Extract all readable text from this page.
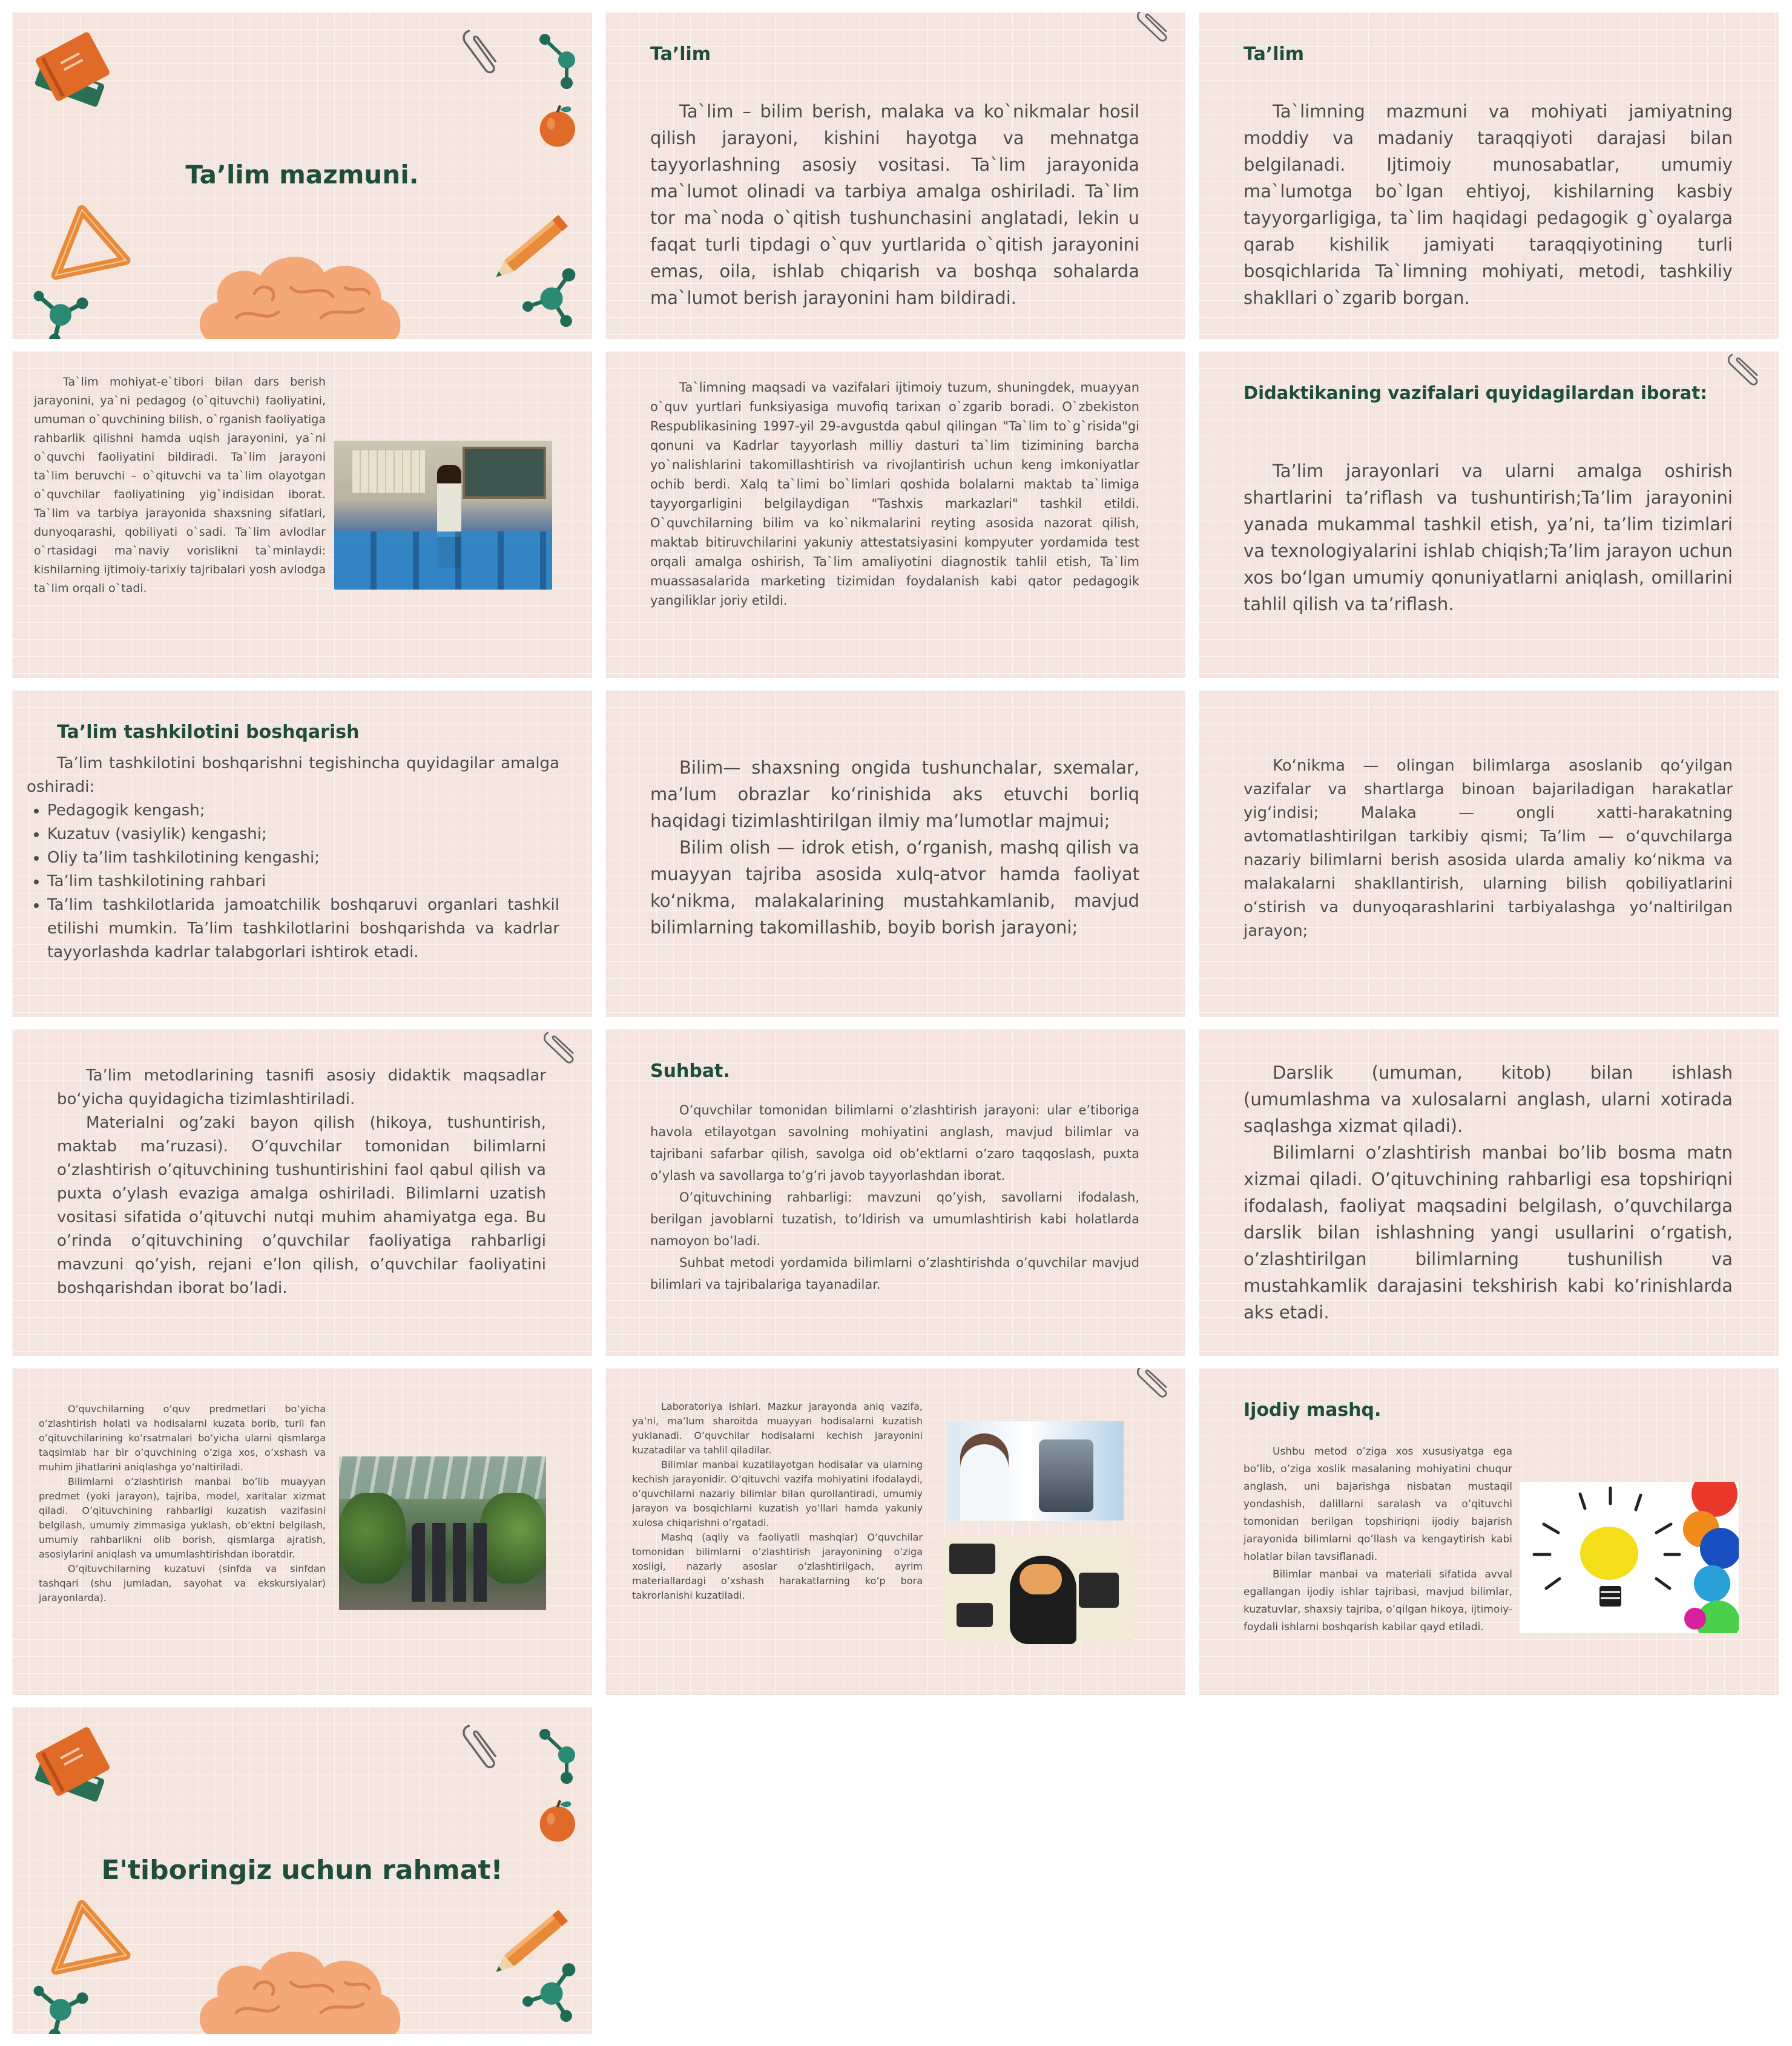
Ta’lim mazmuni.
Ta’lim

Ta`lim – bilim berish, malaka va ko`nikmalar hosil qilish jarayoni, kishini hayotga va mehnatga tayyorlashning asosiy vositasi. Ta`lim jarayonida ma`lumot olinadi va tarbiya amalga oshiriladi. Ta`lim tor ma`noda o`qitish tushunchasini anglatadi, lekin u faqat turli tipdagi o`quv yurtlarida o`qitish jarayonini emas, oila, ishlab chiqarish va boshqa sohalarda ma`lumot berish jarayonini ham bildiradi.

Ta’lim

Ta`limning mazmuni va mohiyati jamiyatning moddiy va madaniy taraqqiyoti darajasi bilan belgilanadi. Ijtimoiy munosabatlar, umumiy ma`lumotga bo`lgan ehtiyoj, kishilarning kasbiy tayyorgarligiga, ta`lim haqidagi pedagogik g`oyalarga qarab kishilik jamiyati taraqqiyotining turli bosqichlarida Ta`limning mohiyati, metodi, tashkiliy shakllari o`zgarib borgan.

Ta`lim mohiyat-e`tibori bilan dars berish jarayonini, ya`ni pedagog (o`qituvchi) faoliyatini, umuman o`quvchining bilish, o`rganish faoliyatiga rahbarlik qilishni hamda uqish jarayonini, ya`ni o`quvchi faoliyatini bildiradi. Ta`lim jarayoni ta`lim beruvchi – o`qituvchi va ta`lim olayotgan o`quvchilar faoliyatining yig`indisidan iborat. Ta`lim va tarbiya jarayonida shaxsning sifatlari, dunyoqarashi, qobiliyati o`sadi. Ta`lim avlodlar o`rtasidagi ma`naviy vorislikni ta`minlaydi: kishilarning ijtimoiy-tarixiy tajribalari yosh avlodga ta`lim orqali o`tadi.

Ta`limning maqsadi va vazifalari ijtimoiy tuzum, shuningdek, muayyan o`quv yurtlari funksiyasiga muvofiq tarixan o`zgarib boradi. O`zbekiston Respublikasining 1997-yil 29-avgustda qabul qilingan "Ta`lim to`g`risida"gi qonuni va Kadrlar tayyorlash milliy dasturi ta`lim tizimining barcha yo`nalishlarini takomillashtirish va rivojlantirish uchun keng imkoniyatlar ochib berdi. Xalq ta`limi bo`limlari qoshida bolalarni maktab ta`limiga tayyorgarligini belgilaydigan "Tashxis markazlari" tashkil etildi. O`quvchilarning bilim va ko`nikmalarini reyting asosida nazorat qilish, maktab bitiruvchilarini yakuniy attestatsiyasini kompyuter yordamida test orqali amalga oshirish, Ta`lim amaliyotini diagnostik tahlil etish, Ta`lim muassasalarida marketing tizimidan foydalanish kabi qator pedagogik yangiliklar joriy etildi.

Didaktikaning vazifalari quyidagilardan iborat:

Ta’lim jarayonlari va ularni amalga oshirish shartlarini ta’riflash va tushuntirish;Ta’lim jarayonini yanada mukammal tashkil etish, ya’ni, ta’lim tizimlari va texnologiyalarini ishlab chiqish;Ta’lim jarayon uchun xos bo‘lgan umumiy qonuniyatlarni aniqlash, omillarini tahlil qilish va ta’riflash.

Ta’lim tashkilotini boshqarish

Ta’lim tashkilotini boshqarishni tegishincha quyidagilar amalga oshiradi:

• Pedagogik kengash;
• Kuzatuv (vasiylik) kengashi;
• Oliy ta’lim tashkilotining kengashi;
• Ta’lim tashkilotining rahbari
• Ta’lim tashkilotlarida jamoatchilik boshqaruvi organlari tashkil etilishi mumkin. Ta’lim tashkilotlarini boshqarishda va kadrlar tayyorlashda kadrlar talabgorlari ishtirok etadi.

Bilim— shaxsning ongida tushunchalar, sxemalar, ma’lum obrazlar ko‘rinishida aks etuvchi borliq haqidagi tizimlashtirilgan ilmiy ma’lumotlar majmui;

Bilim olish — idrok etish, o‘rganish, mashq qilish va muayyan tajriba asosida xulq-atvor hamda faoliyat ko‘nikma, malakalarining mustahkamlanib, mavjud bilimlarning takomillashib, boyib borish jarayoni;

Ko‘nikma — olingan bilimlarga asoslanib qo‘yilgan vazifalar va shartlarga binoan bajariladigan harakatlar yig‘indisi; Malaka — ongli xatti-harakatning avtomatlashtirilgan tarkibiy qismi; Ta’lim — o‘quvchilarga nazariy bilimlarni berish asosida ularda amaliy ko‘nikma va malakalarni shakllantirish, ularning bilish qobiliyatlarini o‘stirish va dunyoqarashlarini tarbiyalashga yo‘naltirilgan jarayon;

Ta’lim metodlarining tasnifi asosiy didaktik maqsadlar bo‘yicha quyidagicha tizimlashtiriladi.

Materialni og’zaki bayon qilish (hikoya, tushuntirish, maktab ma’ruzasi). O’quvchilar tomonidan bilimlarni o’zlashtirish o’qituvchining tushuntirishini faol qabul qilish va puxta o’ylash evaziga amalga oshiriladi. Bilimlarni uzatish vositasi sifatida o’qituvchi nutqi muhim ahamiyatga ega. Bu o’rinda o’qituvchining o’quvchilar faoliyatiga rahbarligi mavzuni qo’yish, rejani e’lon qilish, o’quvchilar faoliyatini boshqarishdan iborat bo’ladi.

Suhbat.

O’quvchilar tomonidan bilimlarni o’zlashtirish jarayoni: ular e’tiboriga havola etilayotgan savolning mohiyatini anglash, mavjud bilimlar va tajribani safarbar qilish, savolga oid ob’ektlarni o’zaro taqqoslash, puxta o’ylash va savollarga to’g’ri javob tayyorlashdan iborat.

O’qituvchining rahbarligi: mavzuni qo’yish, savollarni ifodalash, berilgan javoblarni tuzatish, to’ldirish va umumlashtirish kabi holatlarda namoyon bo’ladi.

Suhbat metodi yordamida bilimlarni o’zlashtirishda o’quvchilar mavjud bilimlari va tajribalariga tayanadilar.

Darslik (umuman, kitob) bilan ishlash (umumlashma va xulosalarni anglash, ularni xotirada saqlashga xizmat qiladi).

Bilimlarni o’zlashtirish manbai bo’lib bosma matn xizmai qiladi. O’qituvchining rahbarligi esa topshiriqni ifodalash, faoliyat maqsadini belgilash, o’quvchilarga darslik bilan ishlashning yangi usullarini o’rgatish, o’zlashtirilgan bilimlarning tushunilish va mustahkamlik darajasini tekshirish kabi ko’rinishlarda aks etadi.

O’quvchilarning o’quv predmetlari bo’yicha o’zlashtirish holati va hodisalarni kuzata borib, turli fan o’qituvchilarining ko’rsatmalari bo’yicha ularni qismlarga taqsimlab har bir o’quvchining o’ziga xos, o’xshash va muhim jihatlarini aniqlashga yo’naltiriladi.

Bilimlarni o’zlashtirish manbai bo’lib muayyan predmet (yoki jarayon), tajriba, model, xaritalar xizmat qiladi. O’qituvchining rahbarligi kuzatish vazifasini belgilash, umumiy zimmasiga yuklash, ob’ektni belgilash, umumiy rahbarlikni olib borish, qismlarga ajratish, asosiylarini aniqlash va umumlashtirishdan iboratdir.

O’qituvchilarning kuzatuvi (sinfda va sinfdan tashqari (shu jumladan, sayohat va ekskursiyalar) jarayonlarda).

Laboratoriya ishlari. Mazkur jarayonda aniq vazifa, ya’ni, ma’lum sharoitda muayyan hodisalarni kuzatish yuklanadi. O’quvchilar hodisalarni kechish jarayonini kuzatadilar va tahlil qiladilar.

Bilimlar manbai kuzatilayotgan hodisalar va ularning kechish jarayonidir. O’qituvchi vazifa mohiyatini ifodalaydi, o’quvchilarni nazariy bilimlar bilan qurollantiradi, umumiy jarayon va bosqichlarni kuzatish yo’llari hamda yakuniy xulosa chiqarishni o’rgatadi.

Mashq (aqliy va faoliyatli mashqlar) O’quvchilar tomonidan bilimlarni o’zlashtirish jarayonining o’ziga xosligi, nazariy asoslar o’zlashtirilgach, ayrim materiallardagi o’xshash harakatlarning ko’p bora takrorlanishi kuzatiladi.

Ijodiy mashq.

Ushbu metod o’ziga xos xususiyatga ega bo’lib, o’ziga xoslik masalaning mohiyatini chuqur anglash, uni bajarishga nisbatan mustaqil yondashish, dalillarni saralash va o’qituvchi tomonidan berilgan topshiriqni ijodiy bajarish jarayonida bilimlarni qo’llash va kengaytirish kabi holatlar bilan tavsiflanadi.

Bilimlar manbai va materiali sifatida avval egallangan ijodiy ishlar tajribasi, mavjud bilimlar, kuzatuvlar, shaxsiy tajriba, o’qilgan hikoya, ijtimoiy-foydali ishlarni boshqarish kabilar qayd etiladi.

E'tiboringiz uchun rahmat!
